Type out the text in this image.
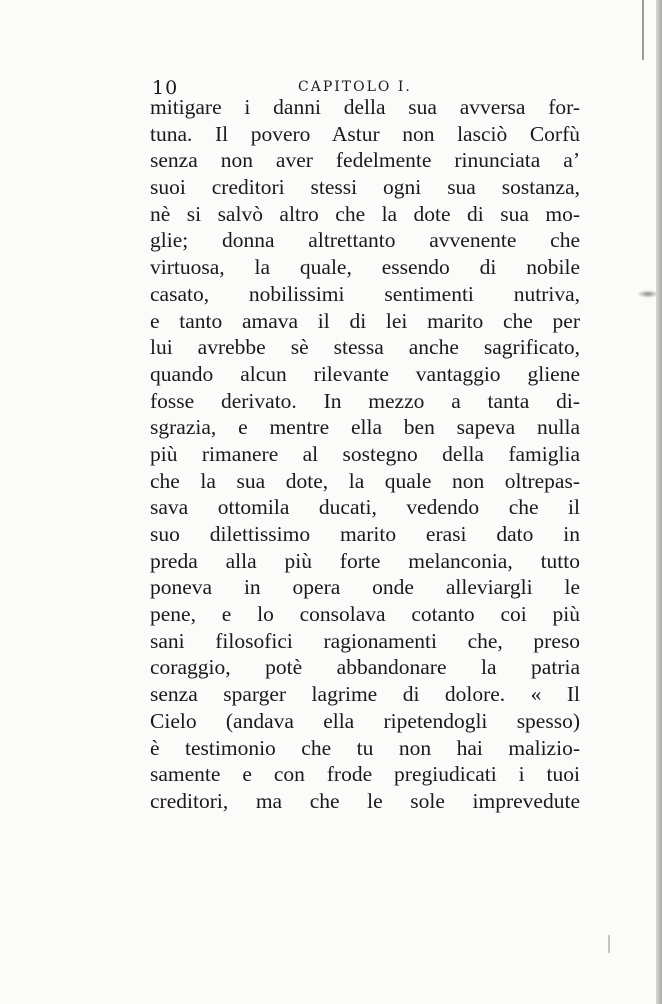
10	CAPITOLO I.
mitigare i danni della sua avversa for-
tuna. Il povero Astur non lasciò Corfù
senza non aver fedelmente rinunciata a’
suoi creditori stessi ogni sua sostanza,
nè si salvò altro che la dote di sua mo-
glie; donna altrettanto avvenente che
virtuosa, la quale, essendo di nobile
casato, nobilissimi sentimenti nutriva,
e tanto amava il di lei marito che per
lui avrebbe sè stessa anche sagrificato,
quando alcun rilevante vantaggio gliene
fosse derivato. In mezzo a tanta di-
sgrazia, e mentre ella ben sapeva nulla
più rimanere al sostegno della famiglia
che la sua dote, la quale non oltrepas-
sava ottomila ducati, vedendo che il
suo dilettissimo marito erasi dato in
preda alla più forte melanconia, tutto
poneva in opera onde alleviargli le
pene, e lo consolava cotanto coi più
sani filosofici ragionamenti che, preso
coraggio, potè abbandonare la patria
senza sparger lagrime di dolore. « Il
Cielo (andava ella ripetendogli spesso)
è testimonio che tu non hai malizio-
samente e con frode pregiudicati i tuoi
creditori, ma che le sole imprevedute
